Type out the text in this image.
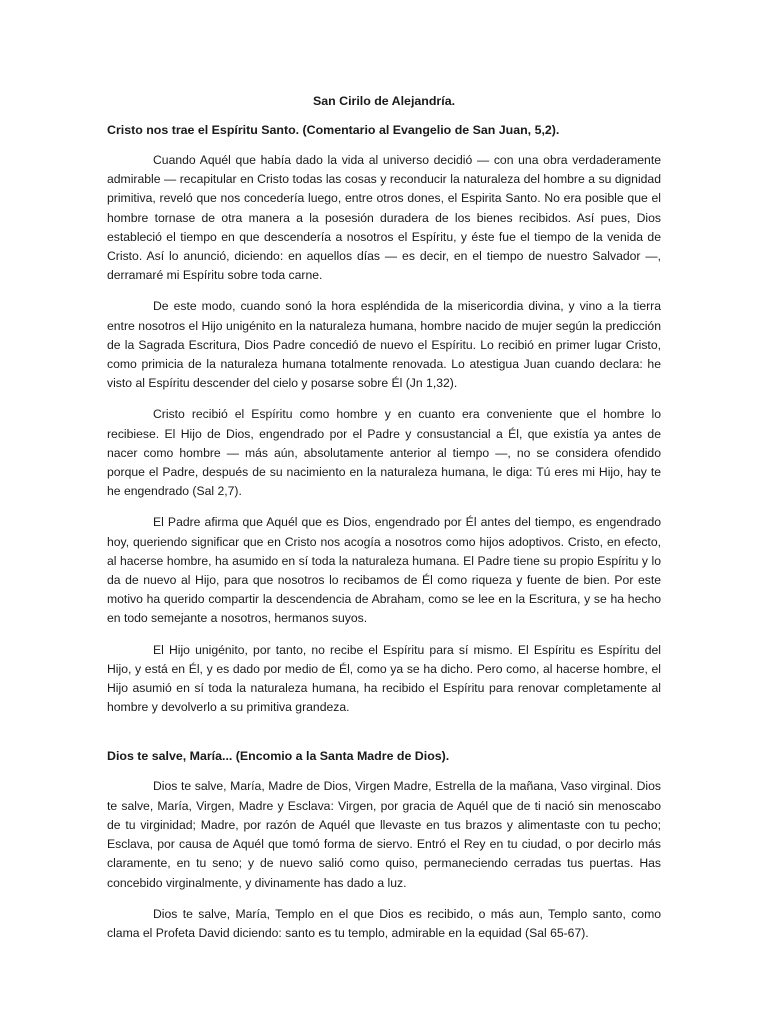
San Cirilo de Alejandría.
Cristo nos trae el Espíritu Santo. (Comentario al Evangelio de San Juan, 5,2).

Cuando Aquél que había dado la vida al universo decidió — con una obra verdaderamente admirable — recapitular en Cristo todas las cosas y reconducir la naturaleza del hombre a su dignidad primitiva, reveló que nos concedería luego, entre otros dones, el Espirita Santo. No era posible que el hombre tornase de otra manera a la posesión duradera de los bienes recibidos. Así pues, Dios estableció el tiempo en que descendería a nosotros el Espíritu, y éste fue el tiempo de la venida de Cristo. Así lo anunció, diciendo: en aquellos días — es decir, en el tiempo de nuestro Salvador —, derramaré mi Espíritu sobre toda carne.

De este modo, cuando sonó la hora espléndida de la misericordia divina, y vino a la tierra entre nosotros el Hijo unigénito en la naturaleza humana, hombre nacido de mujer según la predicción de la Sagrada Escritura, Dios Padre concedió de nuevo el Espíritu. Lo recibió en primer lugar Cristo, como primicia de la naturaleza humana totalmente renovada. Lo atestigua Juan cuando declara: he visto al Espíritu descender del cielo y posarse sobre Él (Jn 1,32).

Cristo recibió el Espíritu como hombre y en cuanto era conveniente que el hombre lo recibiese. El Hijo de Dios, engendrado por el Padre y consustancial a Él, que existía ya antes de nacer como hombre — más aún, absolutamente anterior al tiempo —, no se considera ofendido porque el Padre, después de su nacimiento en la naturaleza humana, le diga: Tú eres mi Hijo, hay te he engendrado (Sal 2,7).

El Padre afirma que Aquél que es Dios, engendrado por Él antes del tiempo, es engendrado hoy, queriendo significar que en Cristo nos acogía a nosotros como hijos adoptivos. Cristo, en efecto, al hacerse hombre, ha asumido en sí toda la naturaleza humana. El Padre tiene su propio Espíritu y lo da de nuevo al Hijo, para que nosotros lo recibamos de Él como riqueza y fuente de bien. Por este motivo ha querido compartir la descendencia de Abraham, como se lee en la Escritura, y se ha hecho en todo semejante a nosotros, hermanos suyos.

El Hijo unigénito, por tanto, no recibe el Espíritu para sí mismo. El Espíritu es Espíritu del Hijo, y está en Él, y es dado por medio de Él, como ya se ha dicho. Pero como, al hacerse hombre, el Hijo asumió en sí toda la naturaleza humana, ha recibido el Espíritu para renovar completamente al hombre y devolverlo a su primitiva grandeza.

Dios te salve, María... (Encomio a la Santa Madre de Dios).

Dios te salve, María, Madre de Dios, Virgen Madre, Estrella de la mañana, Vaso virginal. Dios te salve, María, Virgen, Madre y Esclava: Virgen, por gracia de Aquél que de ti nació sin menoscabo de tu virginidad; Madre, por razón de Aquél que llevaste en tus brazos y alimentaste con tu pecho; Esclava, por causa de Aquél que tomó forma de siervo. Entró el Rey en tu ciudad, o por decirlo más claramente, en tu seno; y de nuevo salió como quiso, permaneciendo cerradas tus puertas. Has concebido virginalmente, y divinamente has dado a luz.

Dios te salve, María, Templo en el que Dios es recibido, o más aun, Templo santo, como clama el Profeta David diciendo: santo es tu templo, admirable en la equidad (Sal 65-67).
